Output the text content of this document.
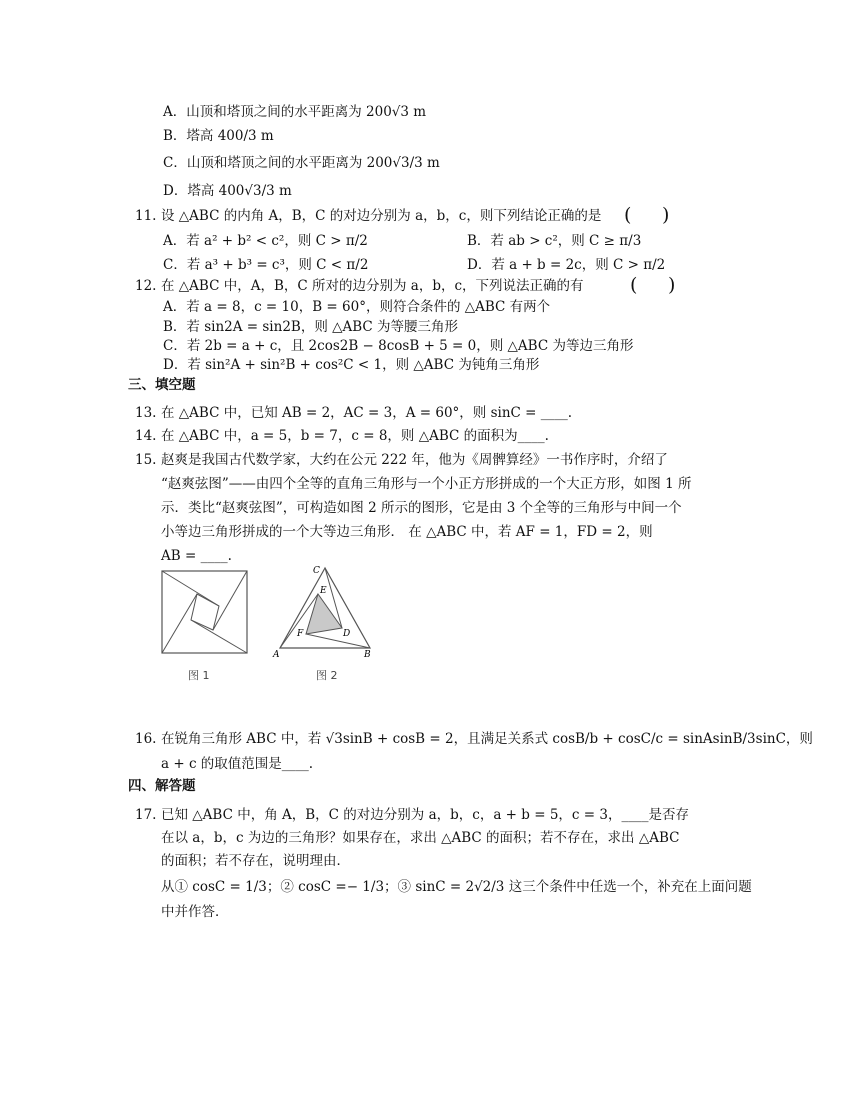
A．山顶和塔顶之间的水平距离为 200√3 m
B．塔高 400/3 m
C．山顶和塔顶之间的水平距离为 200√3/3 m
D．塔高 400√3/3 m
11. 设 △ABC 的内角 A，B，C 的对边分别为 a，b，c，则下列结论正确的是 ( )
A．若 a² + b² < c²，则 C > π/2	B．若 ab > c²，则 C ≥ π/3
C．若 a³ + b³ = c³，则 C < π/2	D．若 a + b = 2c，则 C > π/2
12. 在 △ABC 中，A，B，C 所对的边分别为 a，b，c，下列说法正确的有 ( )
A．若 a = 8，c = 10，B = 60°，则符合条件的 △ABC 有两个
B．若 sin2A = sin2B，则 △ABC 为等腰三角形
C．若 2b = a + c，且 2cos2B − 8cosB + 5 = 0，则 △ABC 为等边三角形
D．若 sin²A + sin²B + cos²C < 1，则 △ABC 为钝角三角形
三、填空题
13. 在 △ABC 中，已知 AB = 2，AC = 3，A = 60°，则 sinC = ____.
14. 在 △ABC 中，a = 5，b = 7，c = 8，则 △ABC 的面积为____.
15. 赵爽是我国古代数学家，大约在公元 222 年，他为《周髀算经》一书作序时，介绍了
“赵爽弦图”——由四个全等的直角三角形与一个小正方形拼成的一个大正方形，如图 1 所
示．类比“赵爽弦图”，可构造如图 2 所示的图形，它是由 3 个全等的三角形与中间一个
小等边三角形拼成的一个大等边三角形． 在 △ABC 中，若 AF = 1，FD = 2，则
AB = ____.
图 1
C
E
F	D
A	B
图 2
16. 在锐角三角形 ABC 中，若 √3sinB + cosB = 2，且满足关系式 cosB/b + cosC/c = sinAsinB/3sinC，则
a + c 的取值范围是____.
四、解答题
17. 已知 △ABC 中，角 A，B，C 的对边分别为 a，b，c，a + b = 5，c = 3，____是否存
在以 a，b，c 为边的三角形？如果存在，求出 △ABC 的面积；若不存在，求出 △ABC
的面积；若不存在，说明理由．
从① cosC = 1/3；② cosC =− 1/3；③ sinC = 2√2/3 这三个条件中任选一个，补充在上面问题
中并作答．
